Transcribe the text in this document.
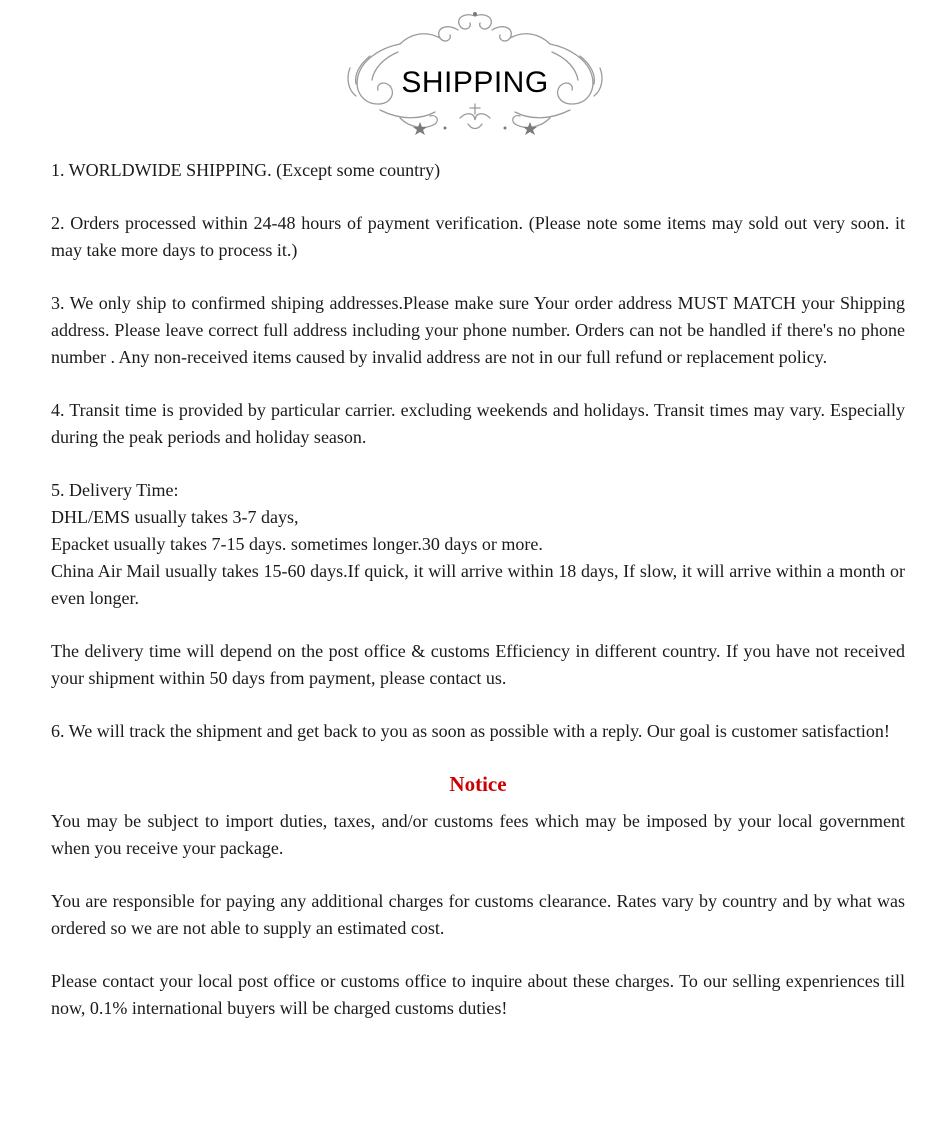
SHIPPING

1. WORLDWIDE SHIPPING. (Except some country)

2. Orders processed within 24-48 hours of payment verification. (Please note some items may sold out very soon. it may take more days to process it.)

3. We only ship to confirmed shiping addresses.Please make sure Your order address MUST MATCH your Shipping address. Please leave correct full address including your phone number. Orders can not be handled if there's no phone number . Any non-received items caused by invalid address are not in our full refund or replacement policy.

4. Transit time is provided by particular carrier. excluding weekends and holidays. Transit times may vary. Especially during the peak periods and holiday season.

5. Delivery Time:
DHL/EMS usually takes 3-7 days,
Epacket usually takes 7-15 days. sometimes longer.30 days or more.
China Air Mail usually takes 15-60 days.If quick, it will arrive within 18 days, If slow, it will arrive within a month or even longer.

The delivery time will depend on the post office & customs Efficiency in different country. If you have not received your shipment within 50 days from payment, please contact us.

6. We will track the shipment and get back to you as soon as possible with a reply. Our goal is customer satisfaction!

Notice

You may be subject to import duties, taxes, and/or customs fees which may be imposed by your local government when you receive your package.

You are responsible for paying any additional charges for customs clearance. Rates vary by country and by what was ordered so we are not able to supply an estimated cost.

Please contact your local post office or customs office to inquire about these charges. To our selling expenriences till now, 0.1% international buyers will be charged customs duties!
